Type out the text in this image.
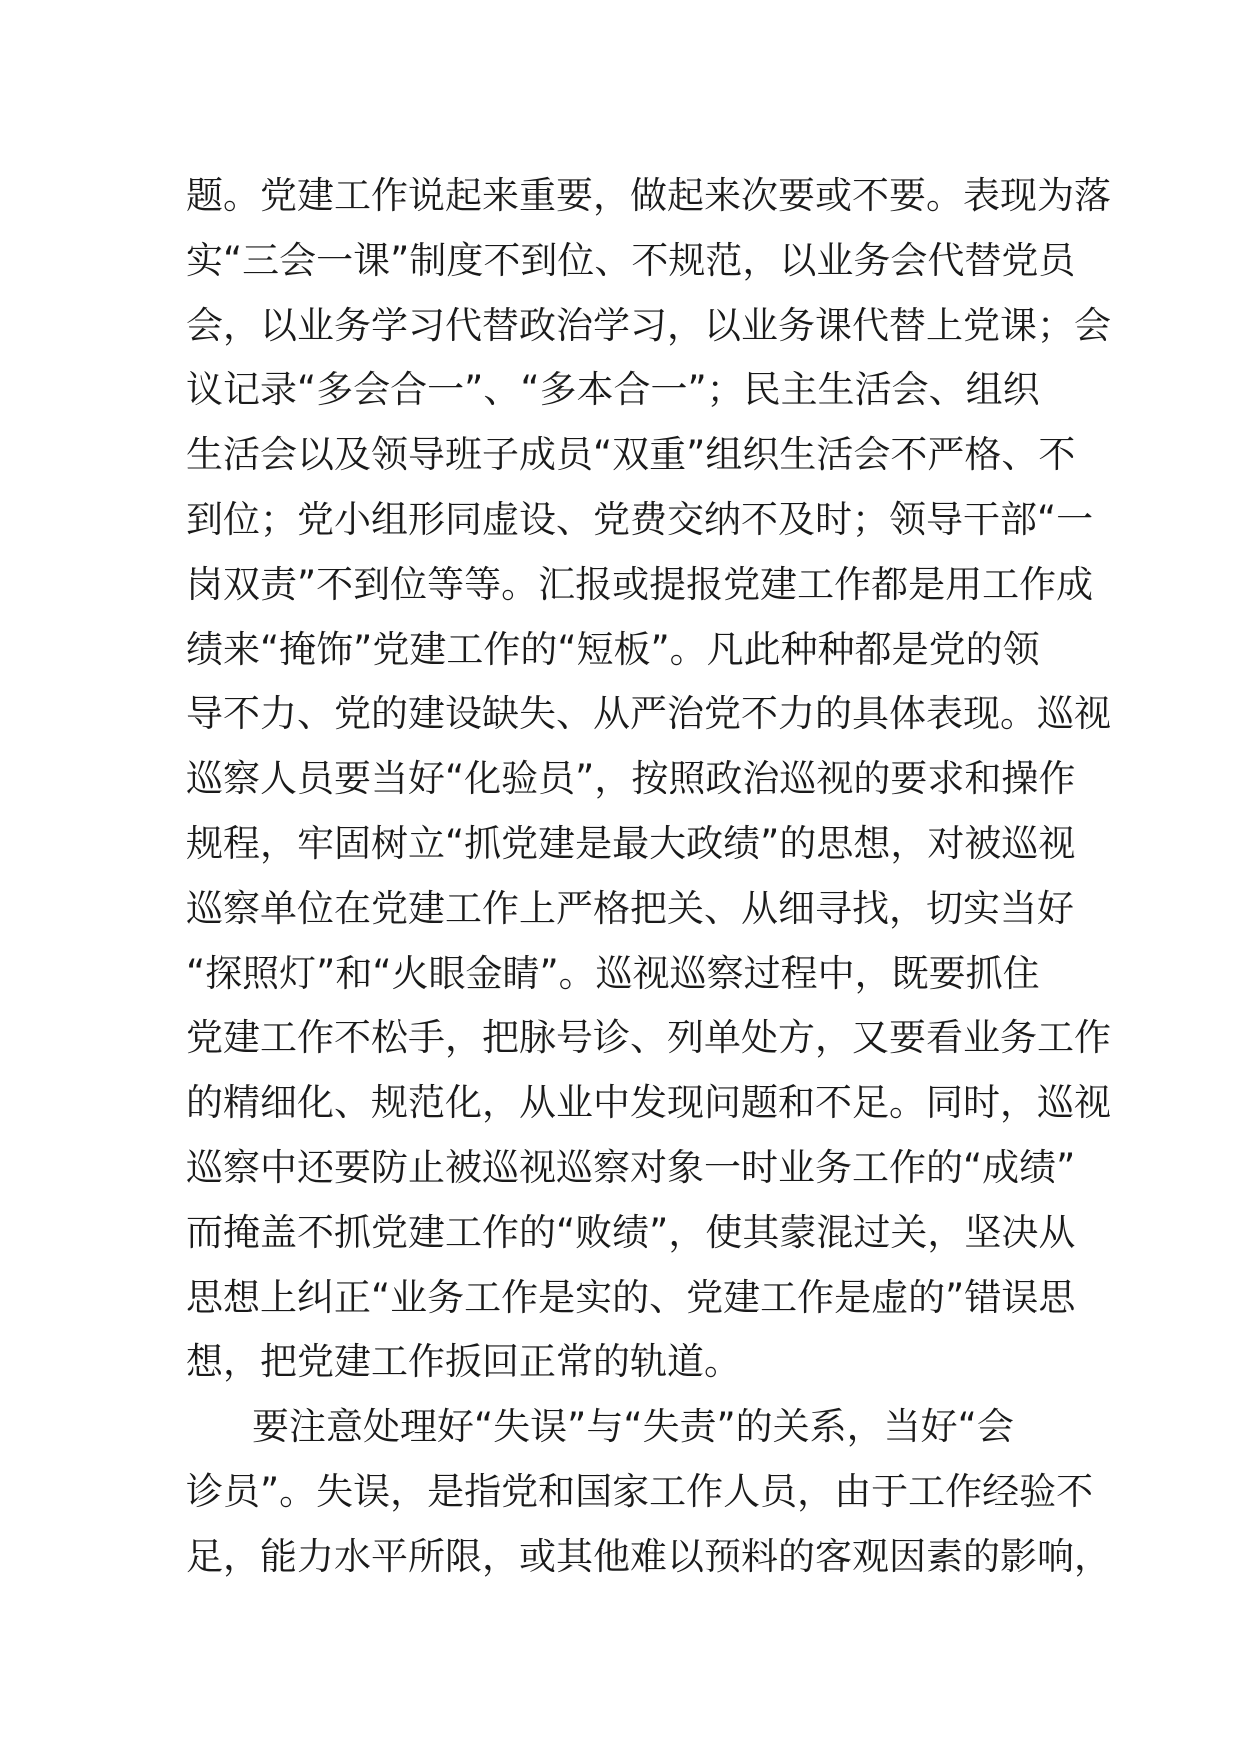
题。党建工作说起来重要，做起来次要或不要。表现为落
实“三会一课”制度不到位、不规范，以业务会代替党员
会，以业务学习代替政治学习，以业务课代替上党课；会
议记录“多会合一”、“多本合一”；民主生活会、组织
生活会以及领导班子成员“双重”组织生活会不严格、不
到位；党小组形同虚设、党费交纳不及时；领导干部“一
岗双责”不到位等等。汇报或提报党建工作都是用工作成
绩来“掩饰”党建工作的“短板”。凡此种种都是党的领
导不力、党的建设缺失、从严治党不力的具体表现。巡视
巡察人员要当好“化验员”，按照政治巡视的要求和操作
规程，牢固树立“抓党建是最大政绩”的思想，对被巡视
巡察单位在党建工作上严格把关、从细寻找，切实当好
“探照灯”和“火眼金睛”。巡视巡察过程中，既要抓住
党建工作不松手，把脉号诊、列单处方，又要看业务工作
的精细化、规范化，从业中发现问题和不足。同时，巡视
巡察中还要防止被巡视巡察对象一时业务工作的“成绩”
而掩盖不抓党建工作的“败绩”，使其蒙混过关，坚决从
思想上纠正“业务工作是实的、党建工作是虚的”错误思
想，把党建工作扳回正常的轨道。
要注意处理好“失误”与“失责”的关系，当好“会
诊员”。失误，是指党和国家工作人员，由于工作经验不
足，能力水平所限，或其他难以预料的客观因素的影响，
